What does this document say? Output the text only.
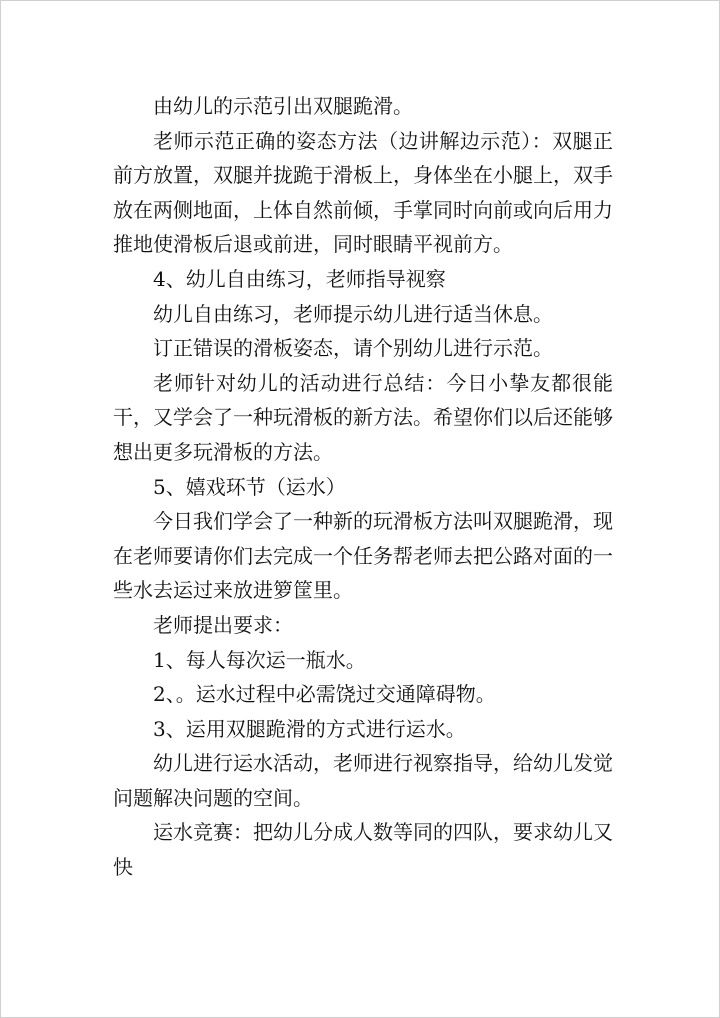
由幼儿的示范引出双腿跪滑。

老师示范正确的姿态方法（边讲解边示范）：双腿正前方放置，双腿并拢跪于滑板上，身体坐在小腿上，双手放在两侧地面，上体自然前倾，手掌同时向前或向后用力推地使滑板后退或前进，同时眼睛平视前方。

4、幼儿自由练习，老师指导视察

幼儿自由练习，老师提示幼儿进行适当休息。

订正错误的滑板姿态，请个别幼儿进行示范。

老师针对幼儿的活动进行总结：今日小挚友都很能干，又学会了一种玩滑板的新方法。希望你们以后还能够想出更多玩滑板的方法。

5、嬉戏环节（运水）

今日我们学会了一种新的玩滑板方法叫双腿跪滑，现在老师要请你们去完成一个任务帮老师去把公路对面的一些水去运过来放进箩筐里。

老师提出要求：

1、每人每次运一瓶水。

2、。运水过程中必需饶过交通障碍物。

3、运用双腿跪滑的方式进行运水。

幼儿进行运水活动，老师进行视察指导，给幼儿发觉问题解决问题的空间。

运水竞赛：把幼儿分成人数等同的四队，要求幼儿又快
